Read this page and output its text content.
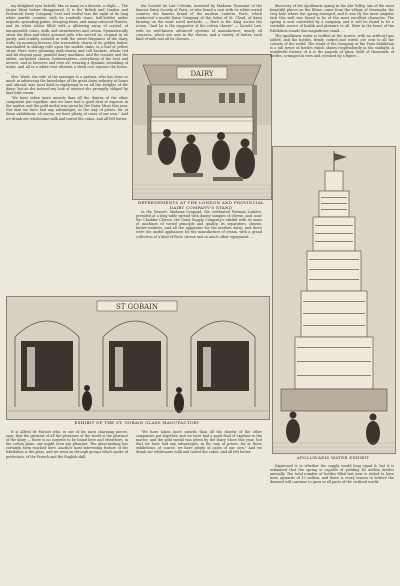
my delighted eyes beheld, like so many in a dessert, a slight — The larger bleat before disappeared. It is the British and London and Provincial Dairy Company. Cool and restful was the sight of its long white marble counter, with its roadside tours, hall-bottles under majestic spreading palms, drooping ferns, and many-coloured flowers, and its white tables filled with a glittering array of crystal, of innumerable cakes, milk, and strawberries and cream. Symmetrically stood the blue-and-white gowned girls who served us, virginal in its purity, and crudely scented as with the sweet fragrance of the dairy, wafts on morning breezes (the irresistible charm of its golden butter, marshalled in shining rolls upon the marble slabs, in a leaf of yellow straw. Here were gleaming milk-churns and tall buckets, whose red and fat elegant pans, painted dairy machines, and the counter and the tables, varnished churns, butterworkers—everything of the best and newest, and in between and over all, wearing a dynamic trembling of water, and all in a white tent wherein a sleek cow reposes the horns. ...

Mrs. Wade, the wife of the manager is a partner, who has done so much in advancing the knowledge of the great dairy industry at home and abroad, was most kind in explaining to us all the delights of the dairy; but as she noticed my look of interest she promptly obliged by that with cream.

"We have taken more awards than all the dozens of the other companies put together, and we have had a good deal of expense in the matter, and the gold medal was given by the Dairy Show this year. Not that we have had any advantages, in the way of prizes, for at these exhibitions, of course, we have plenty of cases of our own." And we drank our wholesome milk and tasted the cakes, and all felt better.

the Société du Lait Celestin, invented by Madame Toussaint of the famous Dairy Society of Paris, or who found a seat with its white-coated counter, the famous brand of the modern Laiterie, Paris, which conducted a model Dairy Company of the Salon of St. Cloud, of dairy farming on the most novel methods. — Here is the King across the ocean. "And he is the supporter of the cotton cheese" — Société Law, with its well-known advanced systems of manufacture, nearly all concerns, which are now in the cheese, and a variety of butter, each kind of milk and all its cheeses. ...

DAIRY
REFRESHMENTS AT THE LONDON AND PROVINCIAL DAIRY COMPANY'S STAND

In the Dessert, Madame Crapaud, the celebrated Parisian Laitière, presided at a long table spread with dainty samples of cheese, and, near the Cheddar Cheese, the Dairy Supply Company's exhibit with its mass of machines of varied principle and quality, its separators, churns, butter-workers, and all the apparatus for the modern dairy; and there were the model appliances for the manufacture of cream, with a grand collection of a kind of Paris cheese and so much other equipment. ...

discovery of the Apollinaris spring in the Ahr Valley, one of the most beautiful places on the Rhine, came from the village of Neuenahr, the very hole where the spring emerged; and it was by the most singular luck this well was found to be of the most excellent character. The spring is now controlled by a company, and it will be found to be a veritable source of health and pleasure to all. Here in the heart of the Exhibition stands this magnificent stand. ...

The Apollinaris water is bottled at the source, with no artificial gas added, and the bottles, firmly corked and wired, are sent to all the corners of the world. The stand of the Company at the Paris Exhibition is a tall tower of bottles which shines resplendently in the sunlight. A wonderful feature of it is the pagoda of glass, built of thousands of bottles, arranged in tiers and crowned by a figure. ...

APOLLINARIS WATER EXHIBIT
ST GOBAIN
EXHIBIT OF THE ST. GOBAIN GLASS MANUFACTORY

It is Alfred de Musset who, in one of his most charming pieces, says, that the greatest of all the pleasures of the world is the pleasure of the dairy — there is no surprise to be found here and elsewhere, in the cotton glass, one might even say pleasure. The glass-making has certainly been reached here. Another most interesting feature of the Exhibition is the glass, and we went on through groups which spoke of perfection, of the French and the English skill.

"We have taken more awards than all the dozens of the other companies put together, and we have had a good deal of expense in the matter, and the gold medal was given by the Dairy Show this year. Not that we have had any advantages, in the way of prizes, for at these exhibitions, of course, we have plenty of cases of our own." And we drank our wholesome milk and tasted the cakes, and all felt better.

Expressed is to whether the supply would long equal it; but it is estimated that the spring is capable of yielding 40 million bottles annually. The total number of bottles filled last year is stated to have been upwards of 13 million, and there is every reason to believe the demand will continue to grow in all parts of the civilised world.
